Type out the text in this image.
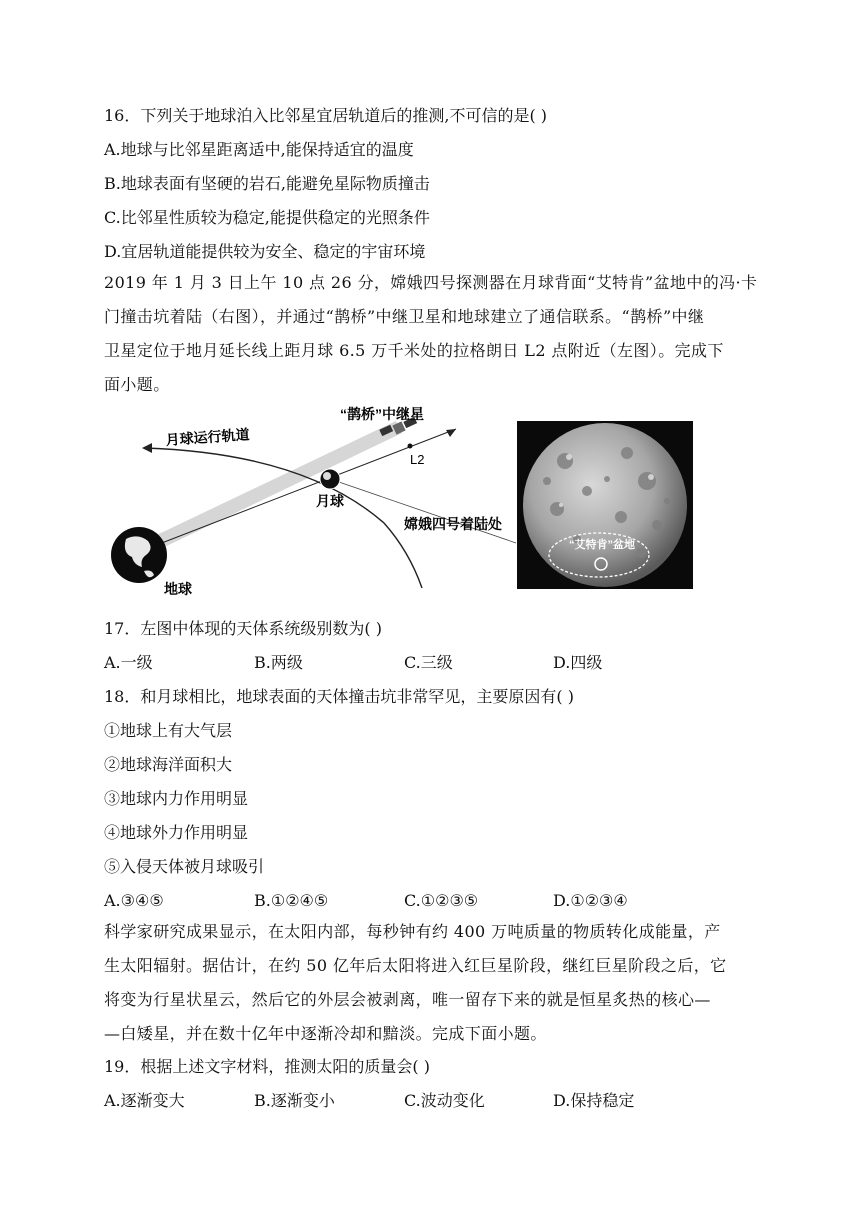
16．下列关于地球泊入比邻星宜居轨道后的推测,不可信的是( )
A.地球与比邻星距离适中,能保持适宜的温度
B.地球表面有坚硬的岩石,能避免星际物质撞击
C.比邻星性质较为稳定,能提供稳定的光照条件
D.宜居轨道能提供较为安全、稳定的宇宙环境
2019 年 1 月 3 日上午 10 点 26 分，嫦娥四号探测器在月球背面“艾特肯”盆地中的冯·卡
门撞击坑着陆（右图），并通过“鹊桥”中继卫星和地球建立了通信联系。“鹊桥”中继
卫星定位于地月延长线上距月球 6.5 万千米处的拉格朗日 L2 点附近（左图）。完成下
面小题。
“鹊桥”中继星
月球运行轨道
L2
月球
嫦娥四号着陆处
地球
“艾特肯”盆地
17．左图中体现的天体系统级别数为( )
A.一级	B.两级	C.三级	D.四级
18．和月球相比，地球表面的天体撞击坑非常罕见，主要原因有( )
①地球上有大气层
②地球海洋面积大
③地球内力作用明显
④地球外力作用明显
⑤入侵天体被月球吸引
A.③④⑤	B.①②④⑤	C.①②③⑤	D.①②③④
科学家研究成果显示，在太阳内部，每秒钟有约 400 万吨质量的物质转化成能量，产
生太阳辐射。据估计，在约 50 亿年后太阳将进入红巨星阶段，继红巨星阶段之后，它
将变为行星状星云，然后它的外层会被剥离，唯一留存下来的就是恒星炙热的核心—
—白矮星，并在数十亿年中逐渐冷却和黯淡。完成下面小题。
19．根据上述文字材料，推测太阳的质量会( )
A.逐渐变大	B.逐渐变小	C.波动变化	D.保持稳定
